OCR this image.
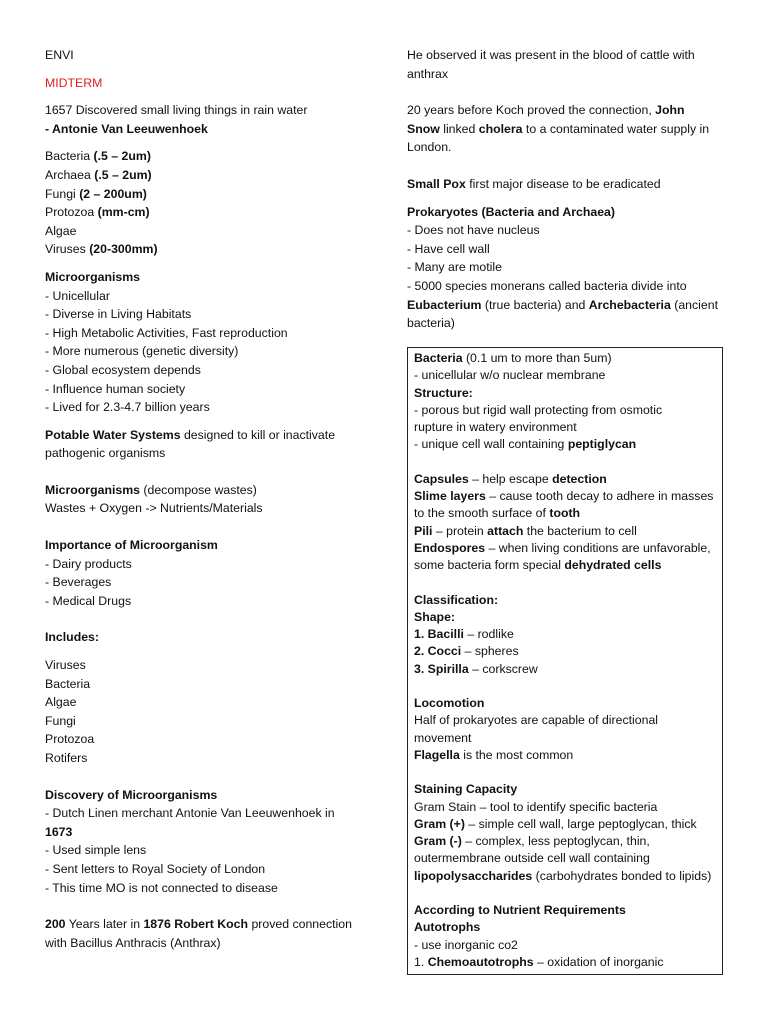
ENVI

MIDTERM

1657 Discovered small living things in rain water

- Antonie Van Leeuwenhoek

Bacteria (.5 – 2um)

Archaea (.5 – 2um)

Fungi (2 – 200um)

Protozoa (mm-cm)

Algae

Viruses (20-300mm)

Microorganisms

- Unicellular

- Diverse in Living Habitats

- High Metabolic Activities, Fast reproduction

- More numerous (genetic diversity)

- Global ecosystem depends

- Influence human society

- Lived for 2.3-4.7 billion years

Potable Water Systems designed to kill or inactivate

pathogenic organisms

Microorganisms (decompose wastes)

Wastes + Oxygen -> Nutrients/Materials

Importance of Microorganism

- Dairy products

- Beverages

- Medical Drugs

Includes:

Viruses

Bacteria

Algae

Fungi

Protozoa

Rotifers

Discovery of Microorganisms

- Dutch Linen merchant Antonie Van Leeuwenhoek in

1673

- Used simple lens

- Sent letters to Royal Society of London

- This time MO is not connected to disease

200 Years later in 1876 Robert Koch proved connection

with Bacillus Anthracis (Anthrax)

He observed it was present in the blood of cattle with

anthrax

20 years before Koch proved the connection, John

Snow linked cholera to a contaminated water supply in

London.

Small Pox first major disease to be eradicated

Prokaryotes (Bacteria and Archaea)

- Does not have nucleus

- Have cell wall

- Many are motile

- 5000 species monerans called bacteria divide into

Eubacterium (true bacteria) and Archebacteria (ancient

bacteria)

Bacteria (0.1 um to more than 5um)

- unicellular w/o nuclear membrane

Structure:

- porous but rigid wall protecting from osmotic

rupture in watery environment

- unique cell wall containing peptiglycan

Capsules – help escape detection

Slime layers – cause tooth decay to adhere in masses

to the smooth surface of tooth

Pili – protein attach the bacterium to cell

Endospores – when living conditions are unfavorable,

some bacteria form special dehydrated cells

Classification:

Shape:

1. Bacilli – rodlike

2. Cocci – spheres

3. Spirilla – corkscrew

Locomotion

Half of prokaryotes are capable of directional

movement

Flagella is the most common

Staining Capacity

Gram Stain – tool to identify specific bacteria

Gram (+) – simple cell wall, large peptoglycan, thick

Gram (-) – complex, less peptoglycan, thin,

outermembrane outside cell wall containing

lipopolysaccharides (carbohydrates bonded to lipids)

According to Nutrient Requirements

Autotrophs

- use inorganic co2

1. Chemoautotrophs – oxidation of inorganic
